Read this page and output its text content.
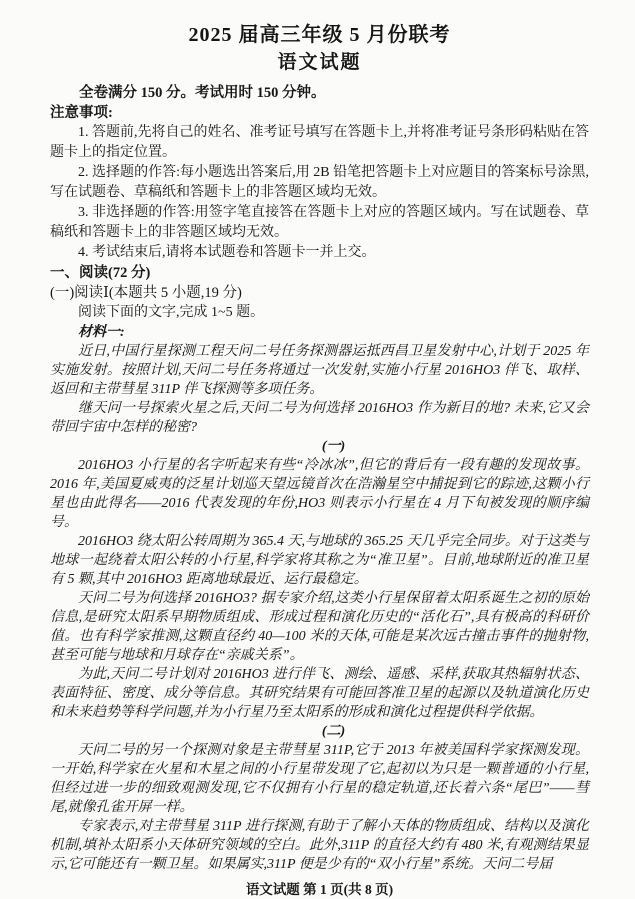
2025 届高三年级 5 月份联考
语文试题

全卷满分 150 分。考试用时 150 分钟。

注意事项:

1. 答题前,先将自己的姓名、准考证号填写在答题卡上,并将准考证号条形码粘贴在答题卡上的指定位置。

2. 选择题的作答:每小题选出答案后,用 2B 铅笔把答题卡上对应题目的答案标号涂黑,写在试题卷、草稿纸和答题卡上的非答题区域均无效。

3. 非选择题的作答:用签字笔直接答在答题卡上对应的答题区域内。写在试题卷、草稿纸和答题卡上的非答题区域均无效。

4. 考试结束后,请将本试题卷和答题卡一并上交。

一、阅读(72 分)

(一)阅读Ⅰ(本题共 5 小题,19 分)

阅读下面的文字,完成 1~5 题。

材料一:

近日,中国行星探测工程天问二号任务探测器运抵西昌卫星发射中心,计划于 2025 年实施发射。按照计划,天问二号任务将通过一次发射,实施小行星 2016HO3 伴飞、取样、返回和主带彗星 311P 伴飞探测等多项任务。

继天问一号探索火星之后,天问二号为何选择 2016HO3 作为新目的地? 未来,它又会带回宇宙中怎样的秘密?

(一)

2016HO3 小行星的名字听起来有些“冷冰冰”,但它的背后有一段有趣的发现故事。2016 年,美国夏威夷的泛星计划巡天望远镜首次在浩瀚星空中捕捉到它的踪迹,这颗小行星也由此得名——2016 代表发现的年份,HO3 则表示小行星在 4 月下旬被发现的顺序编号。

2016HO3 绕太阳公转周期为 365.4 天,与地球的 365.25 天几乎完全同步。对于这类与地球一起绕着太阳公转的小行星,科学家将其称之为“准卫星”。目前,地球附近的准卫星有 5 颗,其中 2016HO3 距离地球最近、运行最稳定。

天问二号为何选择 2016HO3? 据专家介绍,这类小行星保留着太阳系诞生之初的原始信息,是研究太阳系早期物质组成、形成过程和演化历史的“活化石”,具有极高的科研价值。也有科学家推测,这颗直径约 40—100 米的天体,可能是某次远古撞击事件的抛射物,甚至可能与地球和月球存在“亲戚关系”。

为此,天问二号计划对 2016HO3 进行伴飞、测绘、遥感、采样,获取其热辐射状态、表面特征、密度、成分等信息。其研究结果有可能回答准卫星的起源以及轨道演化历史和未来趋势等科学问题,并为小行星乃至太阳系的形成和演化过程提供科学依据。

(二)

天问二号的另一个探测对象是主带彗星 311P,它于 2013 年被美国科学家探测发现。一开始,科学家在火星和木星之间的小行星带发现了它,起初以为只是一颗普通的小行星,但经过进一步的细致观测发现,它不仅拥有小行星的稳定轨道,还长着六条“尾巴”——彗尾,就像孔雀开屏一样。

专家表示,对主带彗星 311P 进行探测,有助于了解小天体的物质组成、结构以及演化机制,填补太阳系小天体研究领域的空白。此外,311P 的直径大约有 480 米,有观测结果显示,它可能还有一颗卫星。如果属实,311P 便是少有的“双小行星”系统。天问二号届

语文试题 第 1 页(共 8 页)
